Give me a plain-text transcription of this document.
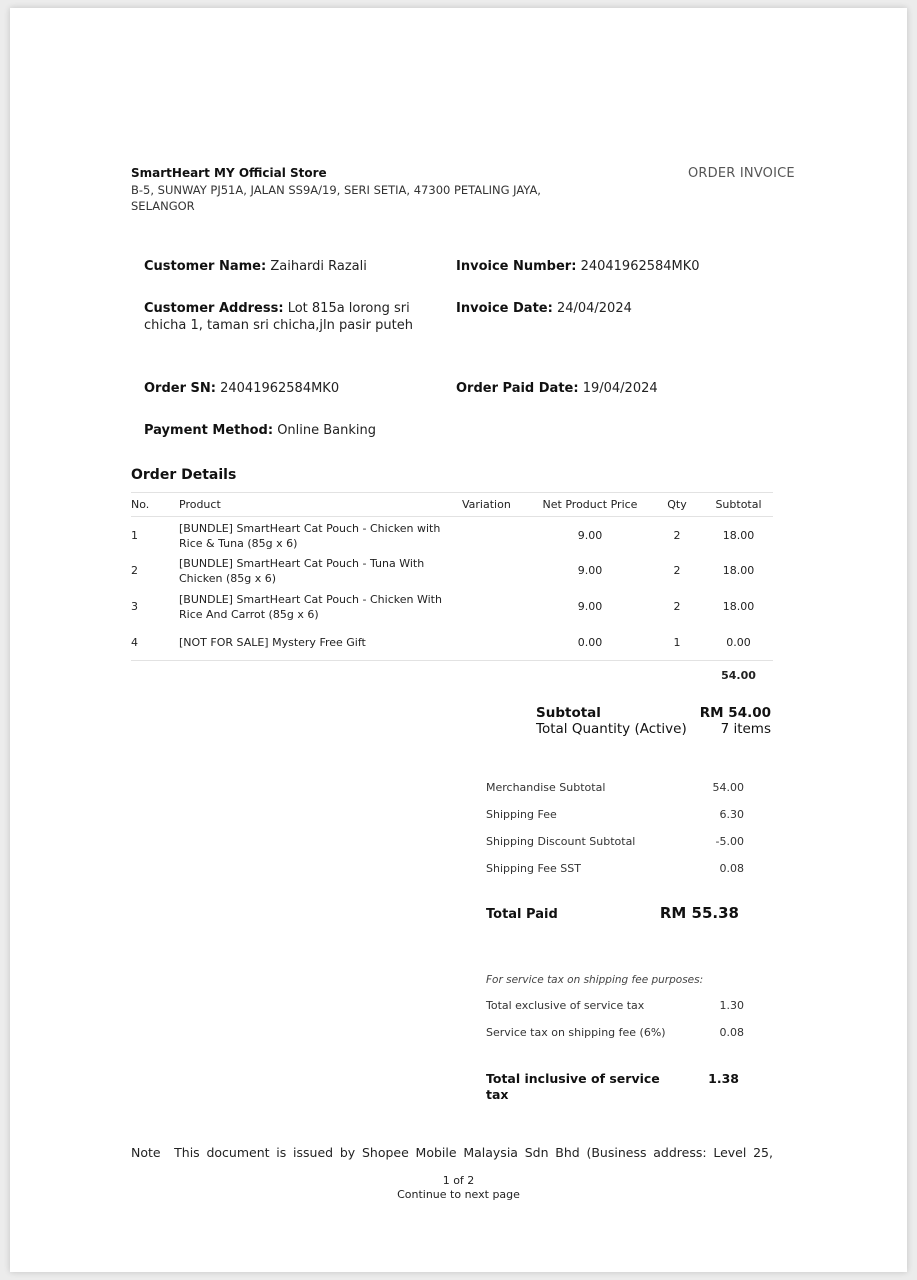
SmartHeart MY Official Store
B-5, SUNWAY PJ51A, JALAN SS9A/19, SERI SETIA, 47300 PETALING JAYA, SELANGOR
ORDER INVOICE
Customer Name: Zaihardi Razali	Invoice Number: 24041962584MK0
Customer Address: Lot 815a lorong sri chicha 1, taman sri chicha,jln pasir puteh
Invoice Date: 24/04/2024
Order SN: 24041962584MK0	Order Paid Date: 19/04/2024
Payment Method: Online Banking
Order Details
No.	Product	Variation	Net Product Price	Qty	Subtotal
1	[BUNDLE] SmartHeart Cat Pouch - Chicken with Rice & Tuna (85g x 6)		9.00	2	18.00
2	[BUNDLE] SmartHeart Cat Pouch - Tuna With Chicken (85g x 6)		9.00	2	18.00
3	[BUNDLE] SmartHeart Cat Pouch - Chicken With Rice And Carrot (85g x 6)		9.00	2	18.00
4	[NOT FOR SALE] Mystery Free Gift		0.00	1	0.00
					54.00
Subtotal	RM 54.00
Total Quantity (Active)	7 items
Merchandise Subtotal	54.00
Shipping Fee	6.30
Shipping Discount Subtotal	-5.00
Shipping Fee SST	0.08
Total Paid	RM 55.38
For service tax on shipping fee purposes:
Total exclusive of service tax	1.30
Service tax on shipping fee (6%)	0.08
Total inclusive of service tax
1.38
Note This document is issued by Shopee Mobile Malaysia Sdn Bhd (Business address: Level 25,
1 of 2
Continue to next page
